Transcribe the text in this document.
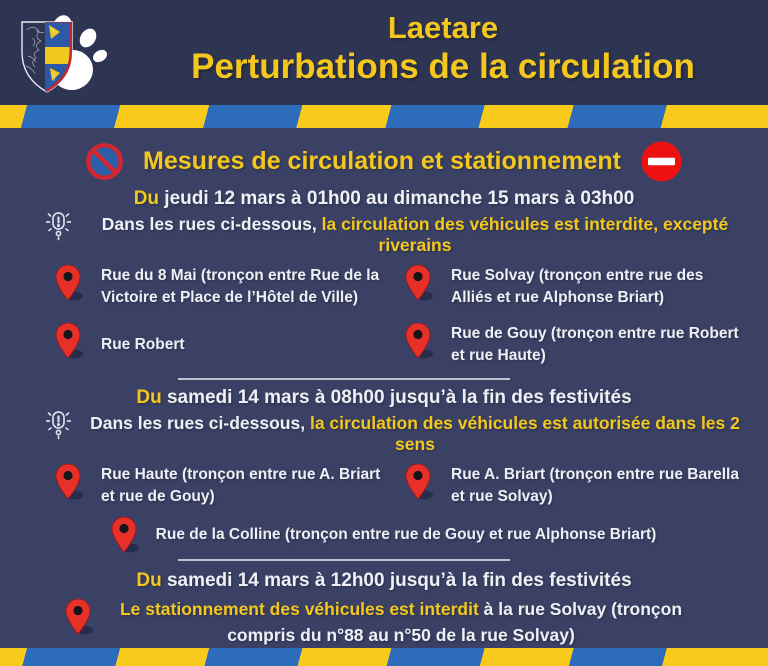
Laetare
Perturbations de la circulation
Mesures de circulation et stationnement
Du jeudi 12 mars à 01h00 au dimanche 15 mars à 03h00
Dans les rues ci-dessous, la circulation des véhicules est interdite, excepté riverains
Rue du 8 Mai (tronçon entre Rue de la Victoire et Place de l’Hôtel de Ville)
Rue Solvay (tronçon entre rue des Alliés et rue Alphonse Briart)
Rue Robert
Rue de Gouy (tronçon entre rue Robert et rue Haute)
Du samedi 14 mars à 08h00 jusqu’à la fin des festivités
Dans les rues ci-dessous, la circulation des véhicules est autorisée dans les 2 sens
Rue Haute (tronçon entre rue A. Briart et rue de Gouy)
Rue A. Briart (tronçon entre rue Barella et rue Solvay)
Rue de la Colline (tronçon entre rue de Gouy et rue Alphonse Briart)
Du samedi 14 mars à 12h00 jusqu’à la fin des festivités
Le stationnement des véhicules est interdit à la rue Solvay (tronçon compris du n°88 au n°50 de la rue Solvay)
